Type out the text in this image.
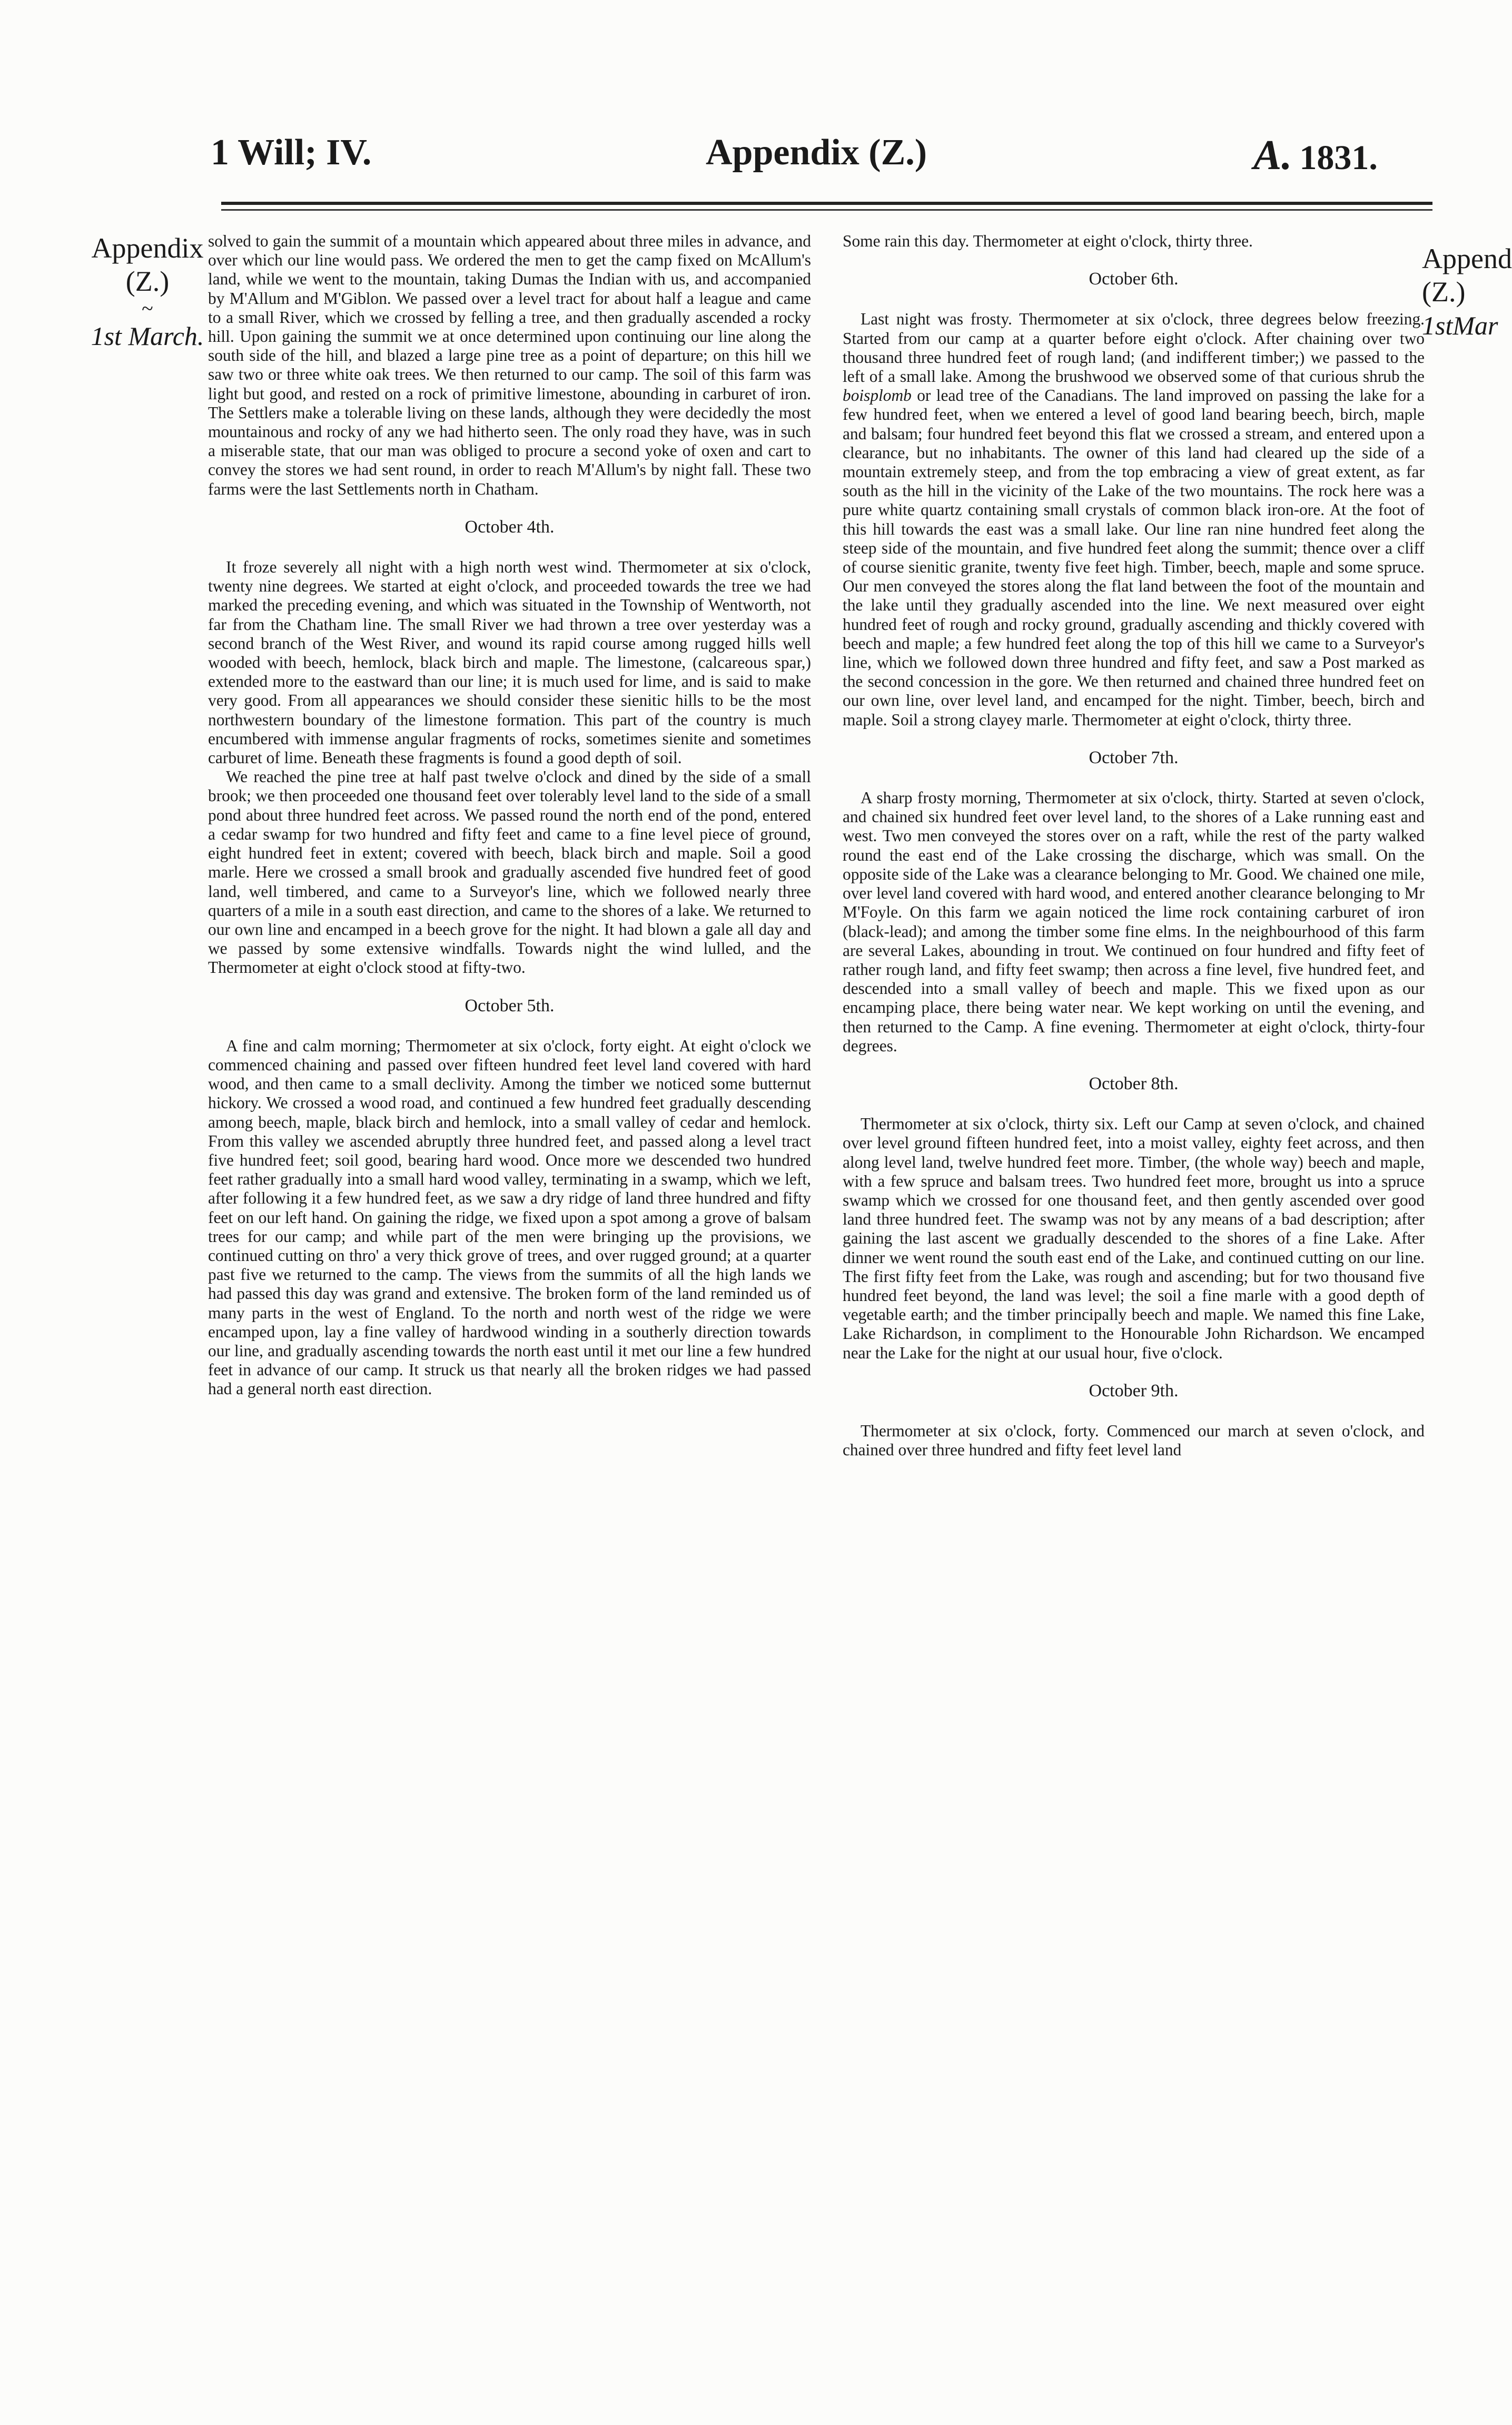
1 Will; IV.	Appendix (Z.)	A. 1831.
Appendix
(Z.)
~
1st March.
Append
(Z.)
1stMar

solved to gain the summit of a mountain which appeared about three miles in advance, and over which our line would pass. We ordered the men to get the camp fixed on McAllum's land, while we went to the mountain, taking Dumas the Indian with us, and accompanied by M'Allum and M'Giblon. We passed over a level tract for about half a league and came to a small River, which we crossed by felling a tree, and then gradually ascended a rocky hill. Upon gaining the summit we at once determined upon continuing our line along the south side of the hill, and blazed a large pine tree as a point of departure; on this hill we saw two or three white oak trees. We then returned to our camp. The soil of this farm was light but good, and rested on a rock of primitive limestone, abounding in carburet of iron. The Settlers make a tolerable living on these lands, although they were decidedly the most mountainous and rocky of any we had hitherto seen. The only road they have, was in such a miserable state, that our man was obliged to procure a second yoke of oxen and cart to convey the stores we had sent round, in order to reach M'Allum's by night fall. These two farms were the last Settlements north in Chatham.

October 4th.

It froze severely all night with a high north west wind. Thermometer at six o'clock, twenty nine degrees. We started at eight o'clock, and proceeded towards the tree we had marked the preceding evening, and which was situated in the Township of Wentworth, not far from the Chatham line. The small River we had thrown a tree over yesterday was a second branch of the West River, and wound its rapid course among rugged hills well wooded with beech, hemlock, black birch and maple. The limestone, (calcareous spar,) extended more to the eastward than our line; it is much used for lime, and is said to make very good. From all appearances we should consider these sienitic hills to be the most northwestern boundary of the limestone formation. This part of the country is much encumbered with immense angular fragments of rocks, sometimes sienite and sometimes carburet of lime. Beneath these fragments is found a good depth of soil.

We reached the pine tree at half past twelve o'clock and dined by the side of a small brook; we then proceeded one thousand feet over tolerably level land to the side of a small pond about three hundred feet across. We passed round the north end of the pond, entered a cedar swamp for two hundred and fifty feet and came to a fine level piece of ground, eight hundred feet in extent; covered with beech, black birch and maple. Soil a good marle. Here we crossed a small brook and gradually ascended five hundred feet of good land, well timbered, and came to a Surveyor's line, which we followed nearly three quarters of a mile in a south east direction, and came to the shores of a lake. We returned to our own line and encamped in a beech grove for the night. It had blown a gale all day and we passed by some extensive windfalls. Towards night the wind lulled, and the Thermometer at eight o'clock stood at fifty-two.

October 5th.

A fine and calm morning; Thermometer at six o'clock, forty eight. At eight o'clock we commenced chaining and passed over fifteen hundred feet level land covered with hard wood, and then came to a small declivity. Among the timber we noticed some butternut hickory. We crossed a wood road, and continued a few hundred feet gradually descending among beech, maple, black birch and hemlock, into a small valley of cedar and hemlock. From this valley we ascended abruptly three hundred feet, and passed along a level tract five hundred feet; soil good, bearing hard wood. Once more we descended two hundred feet rather gradually into a small hard wood valley, terminating in a swamp, which we left, after following it a few hundred feet, as we saw a dry ridge of land three hundred and fifty feet on our left hand. On gaining the ridge, we fixed upon a spot among a grove of balsam trees for our camp; and while part of the men were bringing up the provisions, we continued cutting on thro' a very thick grove of trees, and over rugged ground; at a quarter past five we returned to the camp. The views from the summits of all the high lands we had passed this day was grand and extensive. The broken form of the land reminded us of many parts in the west of England. To the north and north west of the ridge we were encamped upon, lay a fine valley of hardwood winding in a southerly direction towards our line, and gradually ascending towards the north east until it met our line a few hundred feet in advance of our camp. It struck us that nearly all the broken ridges we had passed had a general north east direction.

Some rain this day. Thermometer at eight o'clock, thirty three.

October 6th.

Last night was frosty. Thermometer at six o'clock, three degrees below freezing. Started from our camp at a quarter before eight o'clock. After chaining over two thousand three hundred feet of rough land; (and indifferent timber;) we passed to the left of a small lake. Among the brushwood we observed some of that curious shrub the boisplomb or lead tree of the Canadians. The land improved on passing the lake for a few hundred feet, when we entered a level of good land bearing beech, birch, maple and balsam; four hundred feet beyond this flat we crossed a stream, and entered upon a clearance, but no inhabitants. The owner of this land had cleared up the side of a mountain extremely steep, and from the top embracing a view of great extent, as far south as the hill in the vicinity of the Lake of the two mountains. The rock here was a pure white quartz containing small crystals of common black iron-ore. At the foot of this hill towards the east was a small lake. Our line ran nine hundred feet along the steep side of the mountain, and five hundred feet along the summit; thence over a cliff of course sienitic granite, twenty five feet high. Timber, beech, maple and some spruce. Our men conveyed the stores along the flat land between the foot of the mountain and the lake until they gradually ascended into the line. We next measured over eight hundred feet of rough and rocky ground, gradually ascending and thickly covered with beech and maple; a few hundred feet along the top of this hill we came to a Surveyor's line, which we followed down three hundred and fifty feet, and saw a Post marked as the second concession in the gore. We then returned and chained three hundred feet on our own line, over level land, and encamped for the night. Timber, beech, birch and maple. Soil a strong clayey marle. Thermometer at eight o'clock, thirty three.

October 7th.

A sharp frosty morning, Thermometer at six o'clock, thirty. Started at seven o'clock, and chained six hundred feet over level land, to the shores of a Lake running east and west. Two men conveyed the stores over on a raft, while the rest of the party walked round the east end of the Lake crossing the discharge, which was small. On the opposite side of the Lake was a clearance belonging to Mr. Good. We chained one mile, over level land covered with hard wood, and entered another clearance belonging to Mr M'Foyle. On this farm we again noticed the lime rock containing carburet of iron (black-lead); and among the timber some fine elms. In the neighbourhood of this farm are several Lakes, abounding in trout. We continued on four hundred and fifty feet of rather rough land, and fifty feet swamp; then across a fine level, five hundred feet, and descended into a small valley of beech and maple. This we fixed upon as our encamping place, there being water near. We kept working on until the evening, and then returned to the Camp. A fine evening. Thermometer at eight o'clock, thirty-four degrees.

October 8th.

Thermometer at six o'clock, thirty six. Left our Camp at seven o'clock, and chained over level ground fifteen hundred feet, into a moist valley, eighty feet across, and then along level land, twelve hundred feet more. Timber, (the whole way) beech and maple, with a few spruce and balsam trees. Two hundred feet more, brought us into a spruce swamp which we crossed for one thousand feet, and then gently ascended over good land three hundred feet. The swamp was not by any means of a bad description; after gaining the last ascent we gradually descended to the shores of a fine Lake. After dinner we went round the south east end of the Lake, and continued cutting on our line. The first fifty feet from the Lake, was rough and ascending; but for two thousand five hundred feet beyond, the land was level; the soil a fine marle with a good depth of vegetable earth; and the timber principally beech and maple. We named this fine Lake, Lake Richardson, in compliment to the Honourable John Richardson. We encamped near the Lake for the night at our usual hour, five o'clock.

October 9th.

Thermometer at six o'clock, forty. Commenced our march at seven o'clock, and chained over three hundred and fifty feet level land
